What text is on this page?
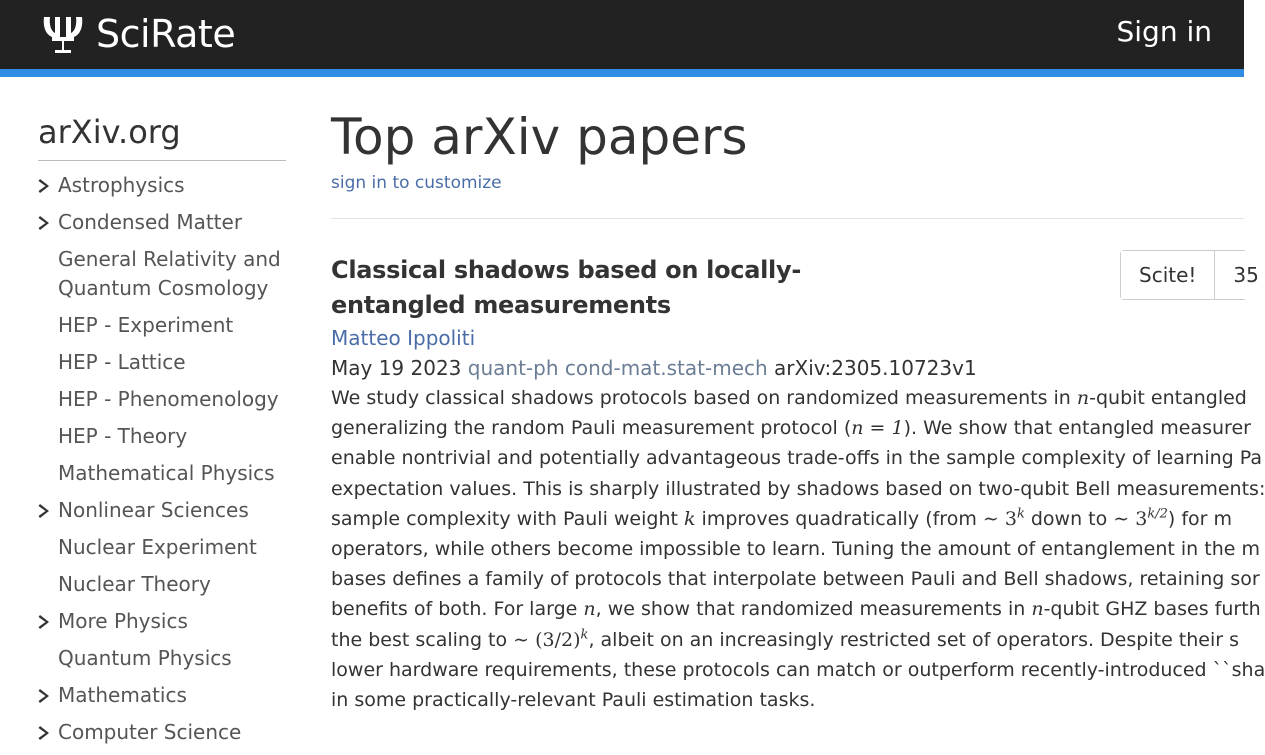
SciRate	Sign in
arXiv.org
Astrophysics
Condensed Matter
General Relativity and Quantum Cosmology
HEP - Experiment
HEP - Lattice
HEP - Phenomenology
HEP - Theory
Mathematical Physics
Nonlinear Sciences
Nuclear Experiment
Nuclear Theory
More Physics
Quantum Physics
Mathematics
Computer Science
Top arXiv papers
sign in to customize
Scite!	35
Classical shadows based on locally-entangled measurements
Matteo Ippoliti
May 19 2023 quant-ph cond-mat.stat-mech arXiv:2305.10723v1
We study classical shadows protocols based on randomized measurements in n-qubit entangled
generalizing the random Pauli measurement protocol (n = 1). We show that entangled measurer
enable nontrivial and potentially advantageous trade-offs in the sample complexity of learning Pa
expectation values. This is sharply illustrated by shadows based on two-qubit Bell measurements:
sample complexity with Pauli weight k improves quadratically (from ∼ 3$^k$ down to ∼ $3^{k/2}$) for m
operators, while others become impossible to learn. Tuning the amount of entanglement in the m
bases defines a family of protocols that interpolate between Pauli and Bell shadows, retaining sor
benefits of both. For large n, we show that randomized measurements in n-qubit GHZ bases furth
the best scaling to ∼ $(3/2)^k$, albeit on an increasingly restricted set of operators. Despite their s
lower hardware requirements, these protocols can match or outperform recently-introduced ``sha
in some practically-relevant Pauli estimation tasks.
